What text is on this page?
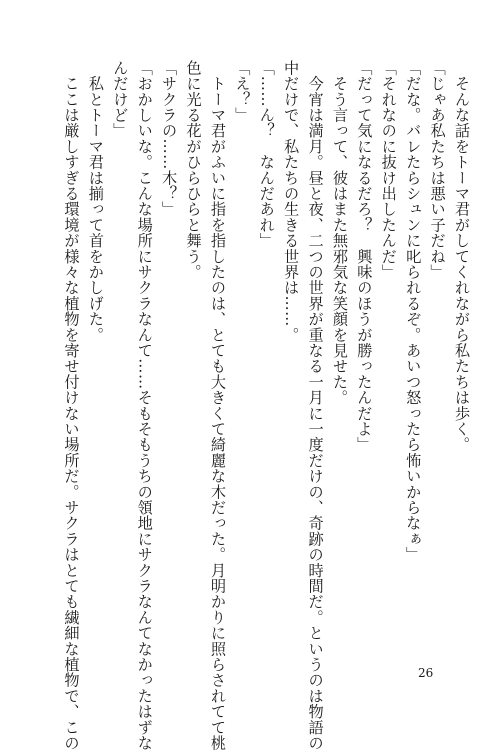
　そんな話をトーマ君がしてくれながら私たちは歩く。
「じゃあ私たちは悪い子だね」
「だな。バレたらシュンに叱られるぞ。あいつ怒ったら怖いからなぁ」
「それなのに抜け出したんだ」
「だって気になるだろ？　興味のほうが勝ったんだよ」
　そう言って、彼はまた無邪気な笑顔を見せた。
　今宵は満月。昼と夜、二つの世界が重なる一月に一度だけの、奇跡の時間だ。というのは物語の
中だけで、私たちの生きる世界は……。
「……ん？　なんだあれ」
「え？」
　トーマ君がふいに指を指したのは、とても大きくて綺麗な木だった。月明かりに照らされてて桃
色に光る花がひらひらと舞う。
「サクラの……木？」
「おかしいな。こんな場所にサクラなんて……そもそもうちの領地にサクラなんてなかったはずな
んだけど」
　私とトーマ君は揃って首をかしげた。
　ここは厳しすぎる環境が様々な植物を寄せ付けない場所だ。サクラはとても繊細な植物で、この	26
